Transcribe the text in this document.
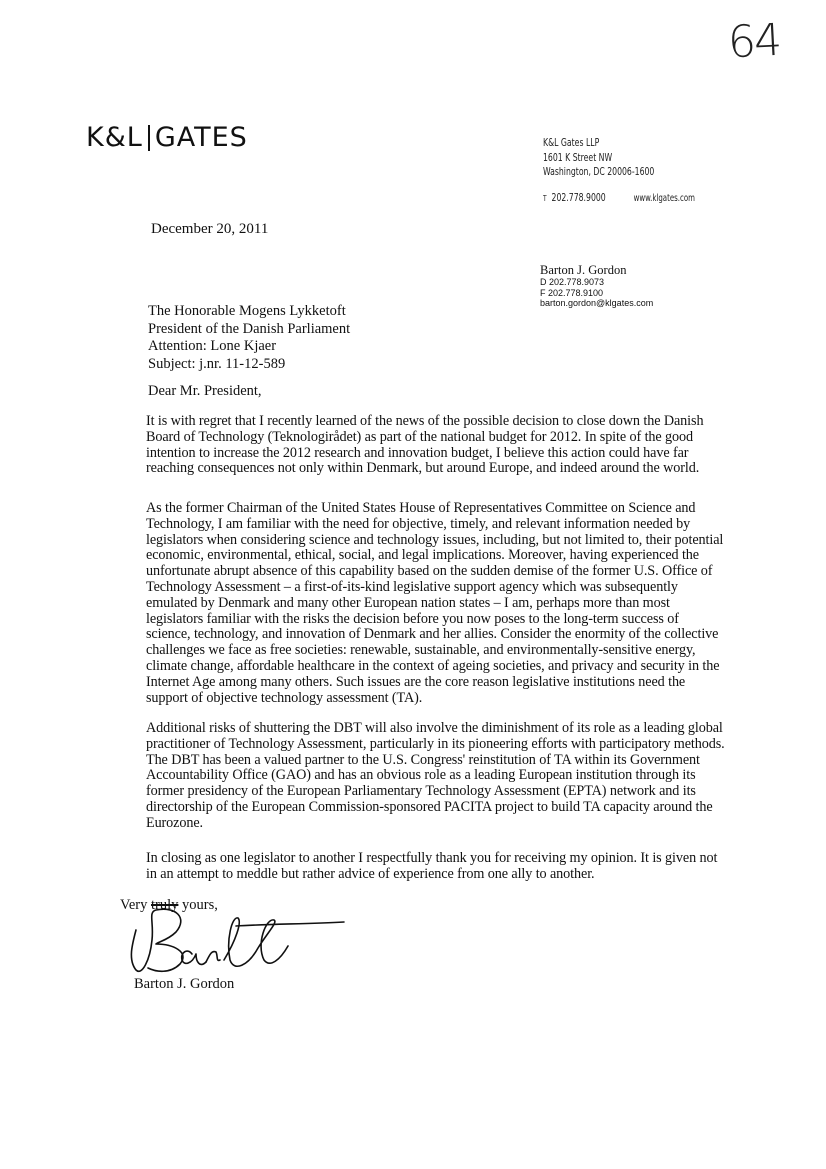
64
K&L GATES	K&L Gates LLP
1601 K Street NW
Washington, DC 20006-1600
T 202.778.9000	www.klgates.com
December 20, 2011
Barton J. Gordon
D 202.778.9073
F 202.778.9100
barton.gordon@klgates.com
The Honorable Mogens Lykketoft
President of the Danish Parliament
Attention: Lone Kjaer
Subject: j.nr. 11-12-589
Dear Mr. President,
It is with regret that I recently learned of the news of the possible decision to close down the Danish Board of Technology (Teknologirådet) as part of the national budget for 2012. In spite of the good intention to increase the 2012 research and innovation budget, I believe this action could have far reaching consequences not only within Denmark, but around Europe, and indeed around the world.
As the former Chairman of the United States House of Representatives Committee on Science and Technology, I am familiar with the need for objective, timely, and relevant information needed by legislators when considering science and technology issues, including, but not limited to, their potential economic, environmental, ethical, social, and legal implications. Moreover, having experienced the unfortunate abrupt absence of this capability based on the sudden demise of the former U.S. Office of Technology Assessment – a first-of-its-kind legislative support agency which was subsequently emulated by Denmark and many other European nation states – I am, perhaps more than most legislators familiar with the risks the decision before you now poses to the long-term success of science, technology, and innovation of Denmark and her allies. Consider the enormity of the collective challenges we face as free societies: renewable, sustainable, and environmentally-sensitive energy, climate change, affordable healthcare in the context of ageing societies, and privacy and security in the Internet Age among many others. Such issues are the core reason legislative institutions need the support of objective technology assessment (TA).
Additional risks of shuttering the DBT will also involve the diminishment of its role as a leading global practitioner of Technology Assessment, particularly in its pioneering efforts with participatory methods. The DBT has been a valued partner to the U.S. Congress' reinstitution of TA within its Government Accountability Office (GAO) and has an obvious role as a leading European institution through its former presidency of the European Parliamentary Technology Assessment (EPTA) network and its directorship of the European Commission-sponsored PACITA project to build TA capacity around the Eurozone.
In closing as one legislator to another I respectfully thank you for receiving my opinion. It is given not in an attempt to meddle but rather advice of experience from one ally to another.
Very truly yours,
Barton J. Gordon
